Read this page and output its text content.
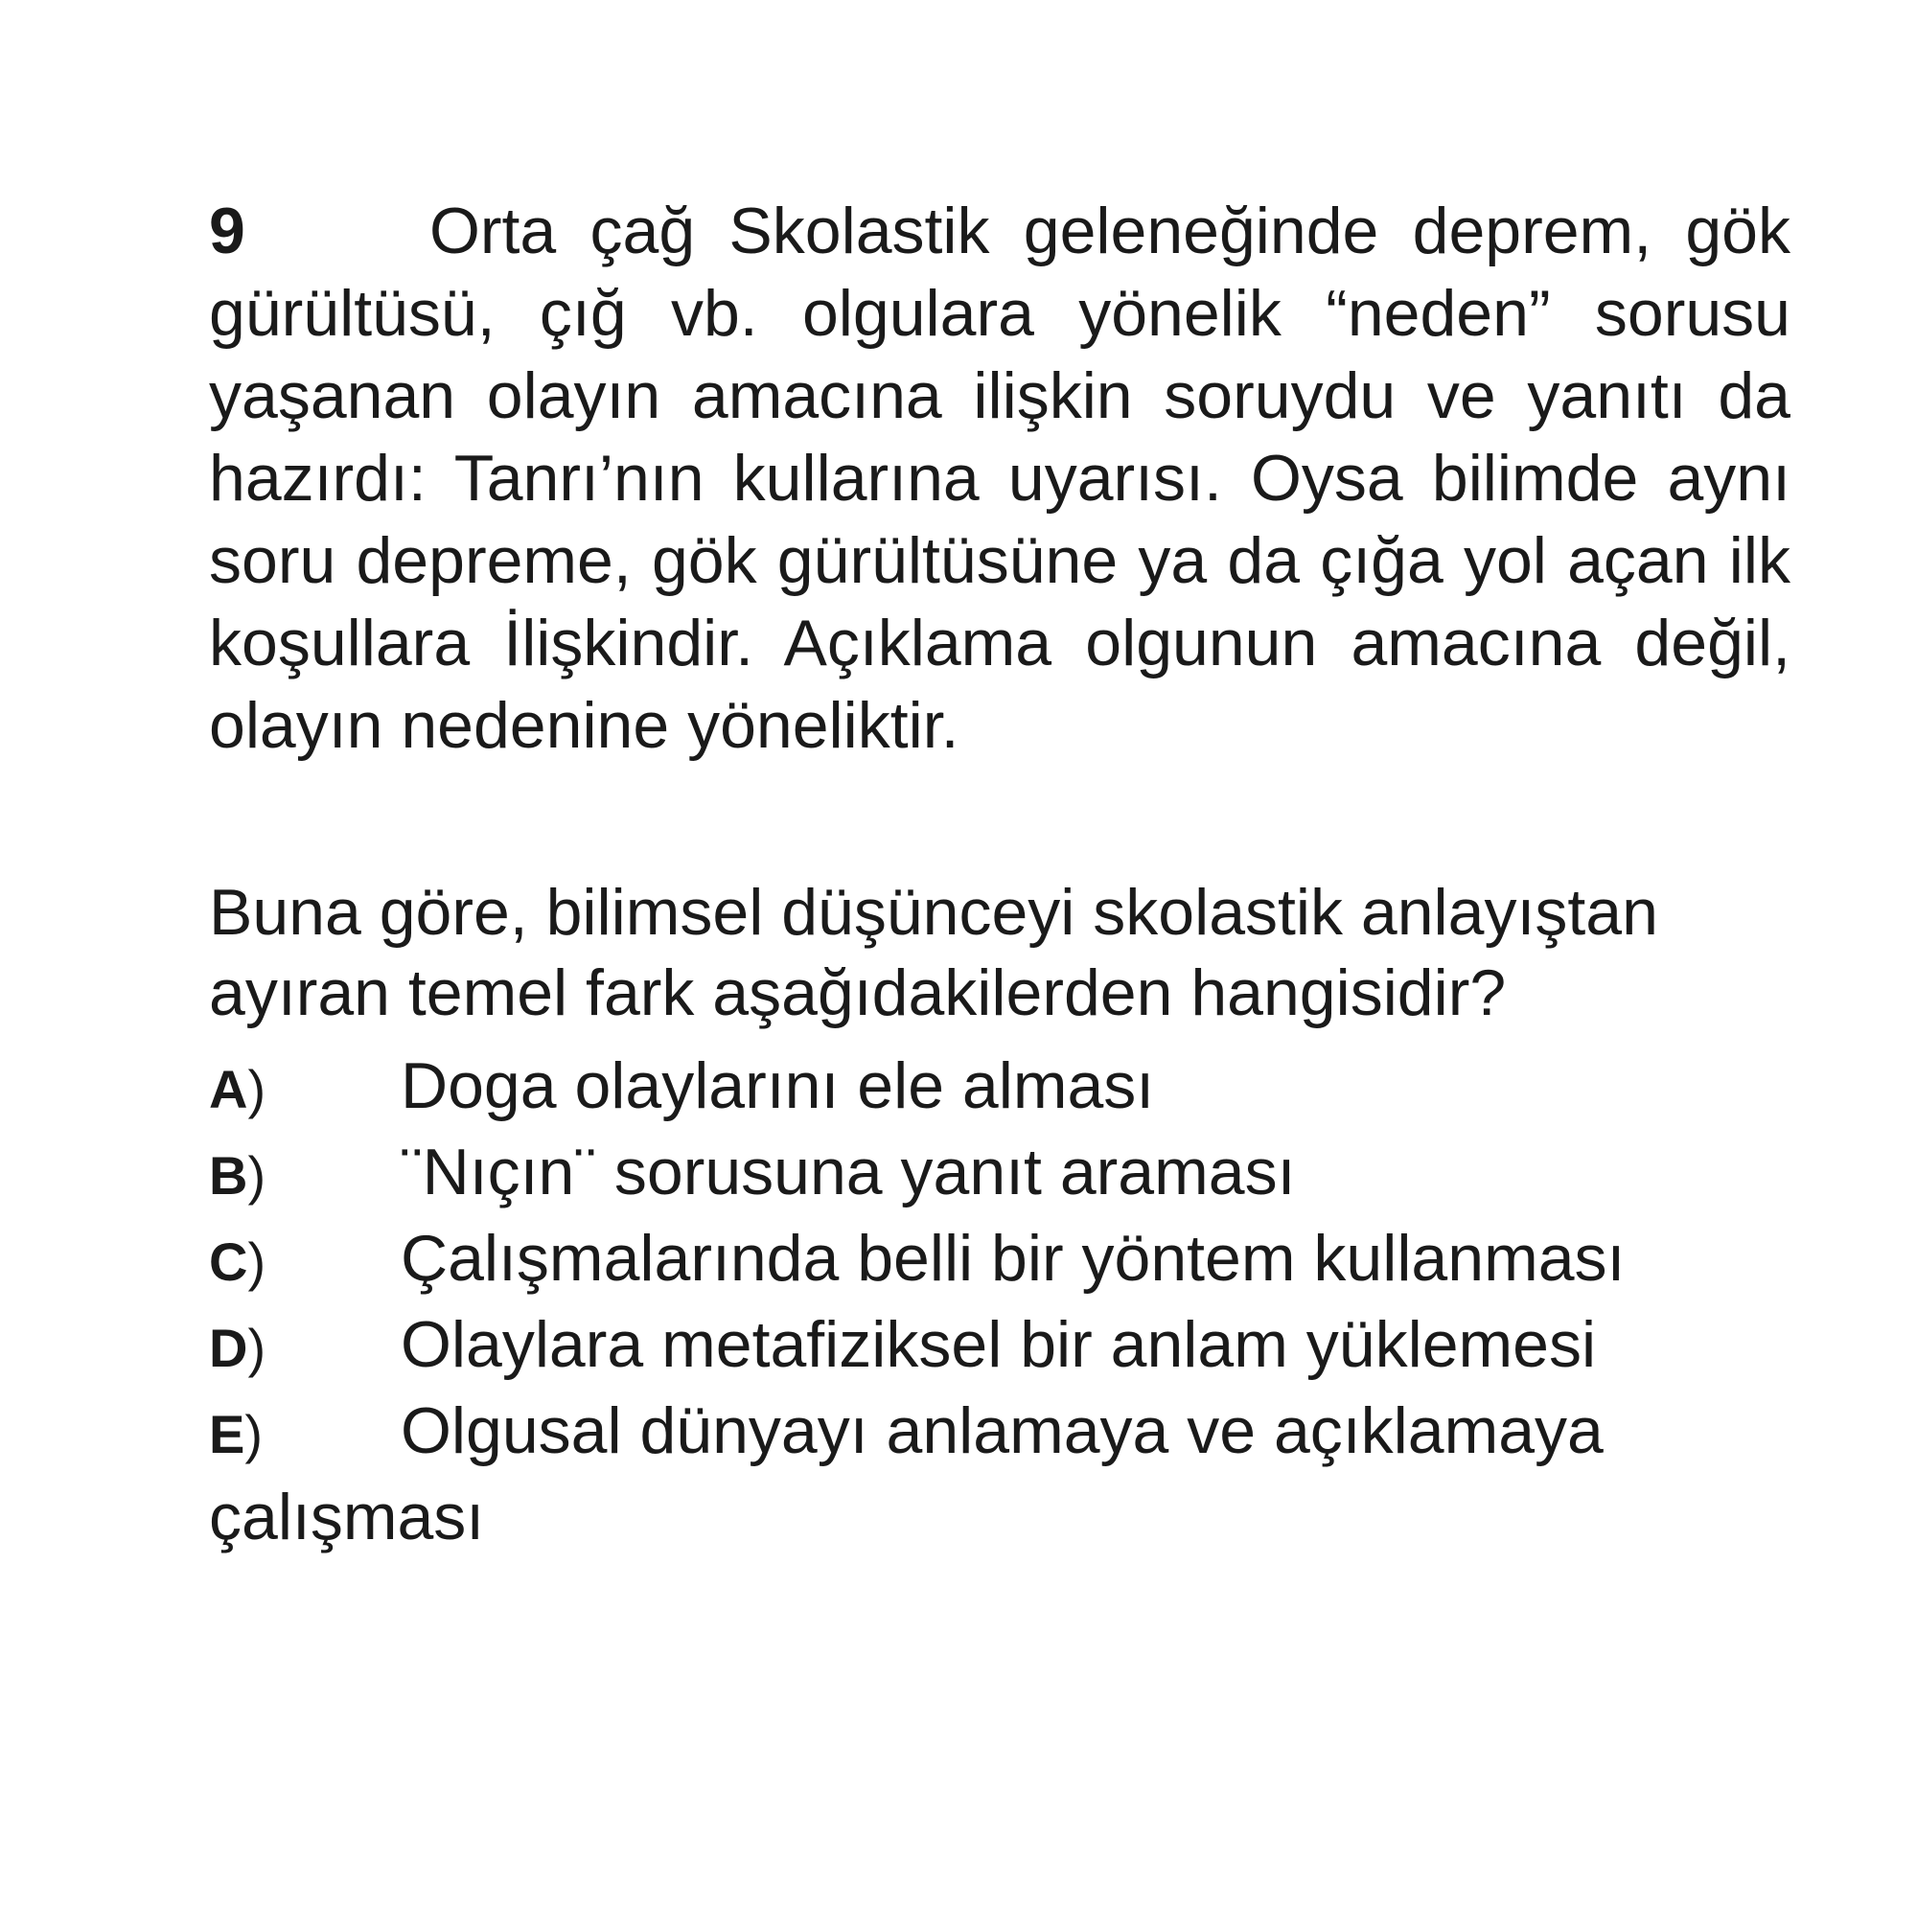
9	Orta çağ Skolastik geleneğinde deprem, gök gürültüsü, çığ vb. olgulara yönelik “neden” sorusu yaşanan olayın amacına ilişkin soruydu ve yanıtı da hazırdı: Tanrı’nın kullarına uyarısı. Oysa bilimde aynı soru depreme, gök gürültüsüne ya da çığa yol açan ilk koşullara İlişkindir. Açıklama olgunun amacına değil, olayın nedenine yöneliktir.

Buna göre, bilimsel düşünceyi skolastik anlayıştan ayıran temel fark aşağıdakilerden hangisidir?

A) Doga olaylarını ele alması
B) ¨Nıçın¨ sorusuna yanıt araması
C) Çalışmalarında belli bir yöntem kullanması
D) Olaylara metafiziksel bir anlam yüklemesi
E) Olgusal dünyayı anlamaya ve açıklamaya çalışması
